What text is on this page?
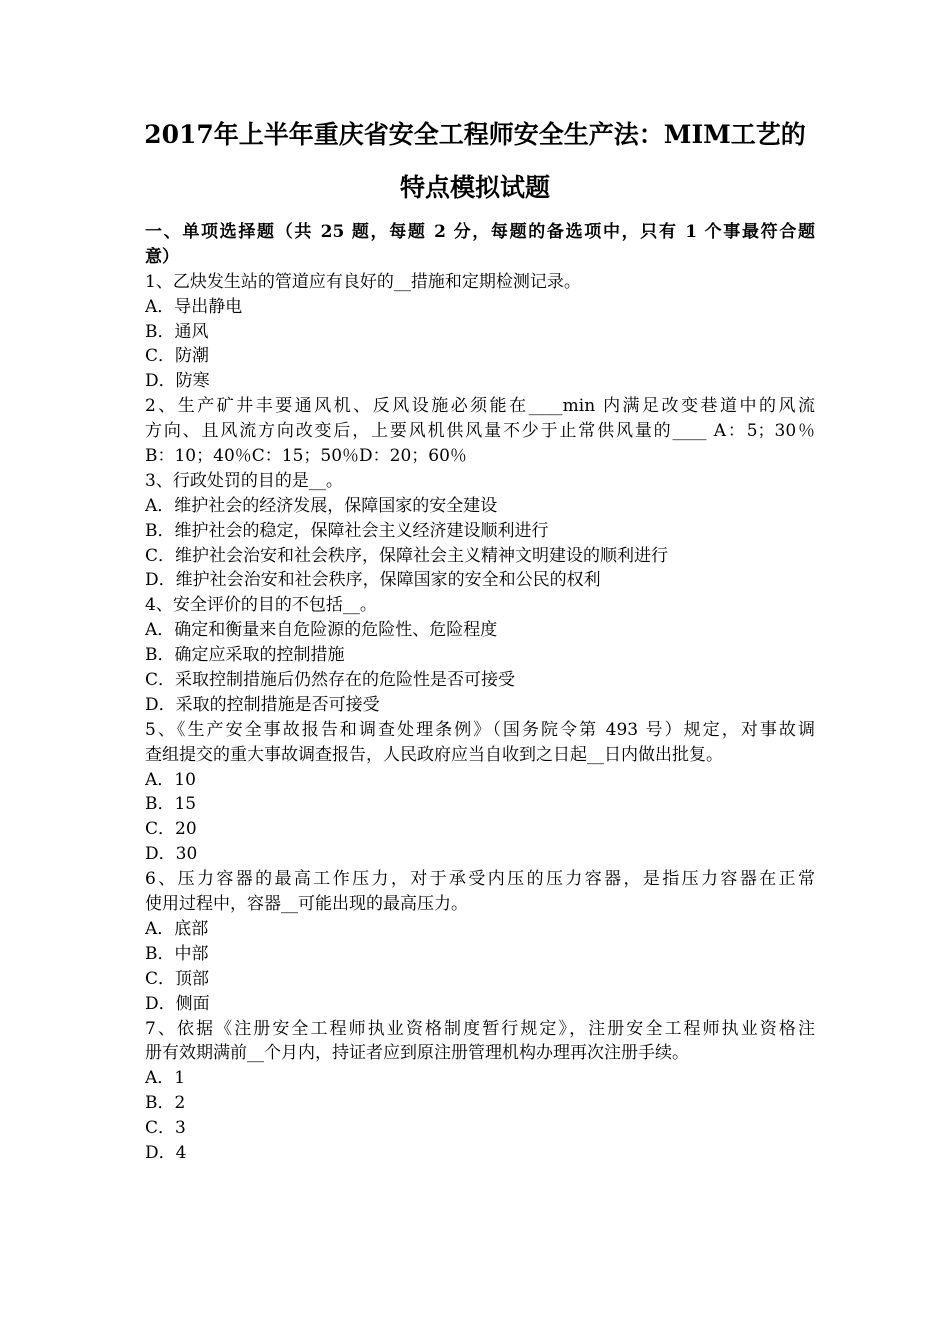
2017年上半年重庆省安全工程师安全生产法：MIM工艺的
特点模拟试题
一、单项选择题（共 25 题，每题 2 分，每题的备选项中，只有 1 个事最符合题
意）
1、乙炔发生站的管道应有良好的__措施和定期检测记录。
A．导出静电
B．通风
C．防潮
D．防寒
2、生产矿井丰要通风机、反风设施必须能在____min 内满足改变巷道中的风流
方向、且风流方向改变后，上要风机供风量不少于止常供风量的____ A：5；30％
B：10；40％C：15；50％D：20；60％
3、行政处罚的目的是__。
A．维护社会的经济发展，保障国家的安全建设
B．维护社会的稳定，保障社会主义经济建设顺利进行
C．维护社会治安和社会秩序，保障社会主义精神文明建设的顺利进行
D．维护社会治安和社会秩序，保障国家的安全和公民的权利
4、安全评价的目的不包括__。
A．确定和衡量来自危险源的危险性、危险程度
B．确定应采取的控制措施
C．采取控制措施后仍然存在的危险性是否可接受
D．采取的控制措施是否可接受
5、《生产安全事故报告和调查处理条例》（国务院令第 493 号）规定，对事故调
查组提交的重大事故调查报告，人民政府应当自收到之日起__日内做出批复。
A．10
B．15
C．20
D．30
6、压力容器的最高工作压力，对于承受内压的压力容器，是指压力容器在正常
使用过程中，容器__可能出现的最高压力。
A．底部
B．中部
C．顶部
D．侧面
7、依据《注册安全工程师执业资格制度暂行规定》，注册安全工程师执业资格注
册有效期满前__个月内，持证者应到原注册管理机构办理再次注册手续。
A．1
B．2
C．3
D．4
